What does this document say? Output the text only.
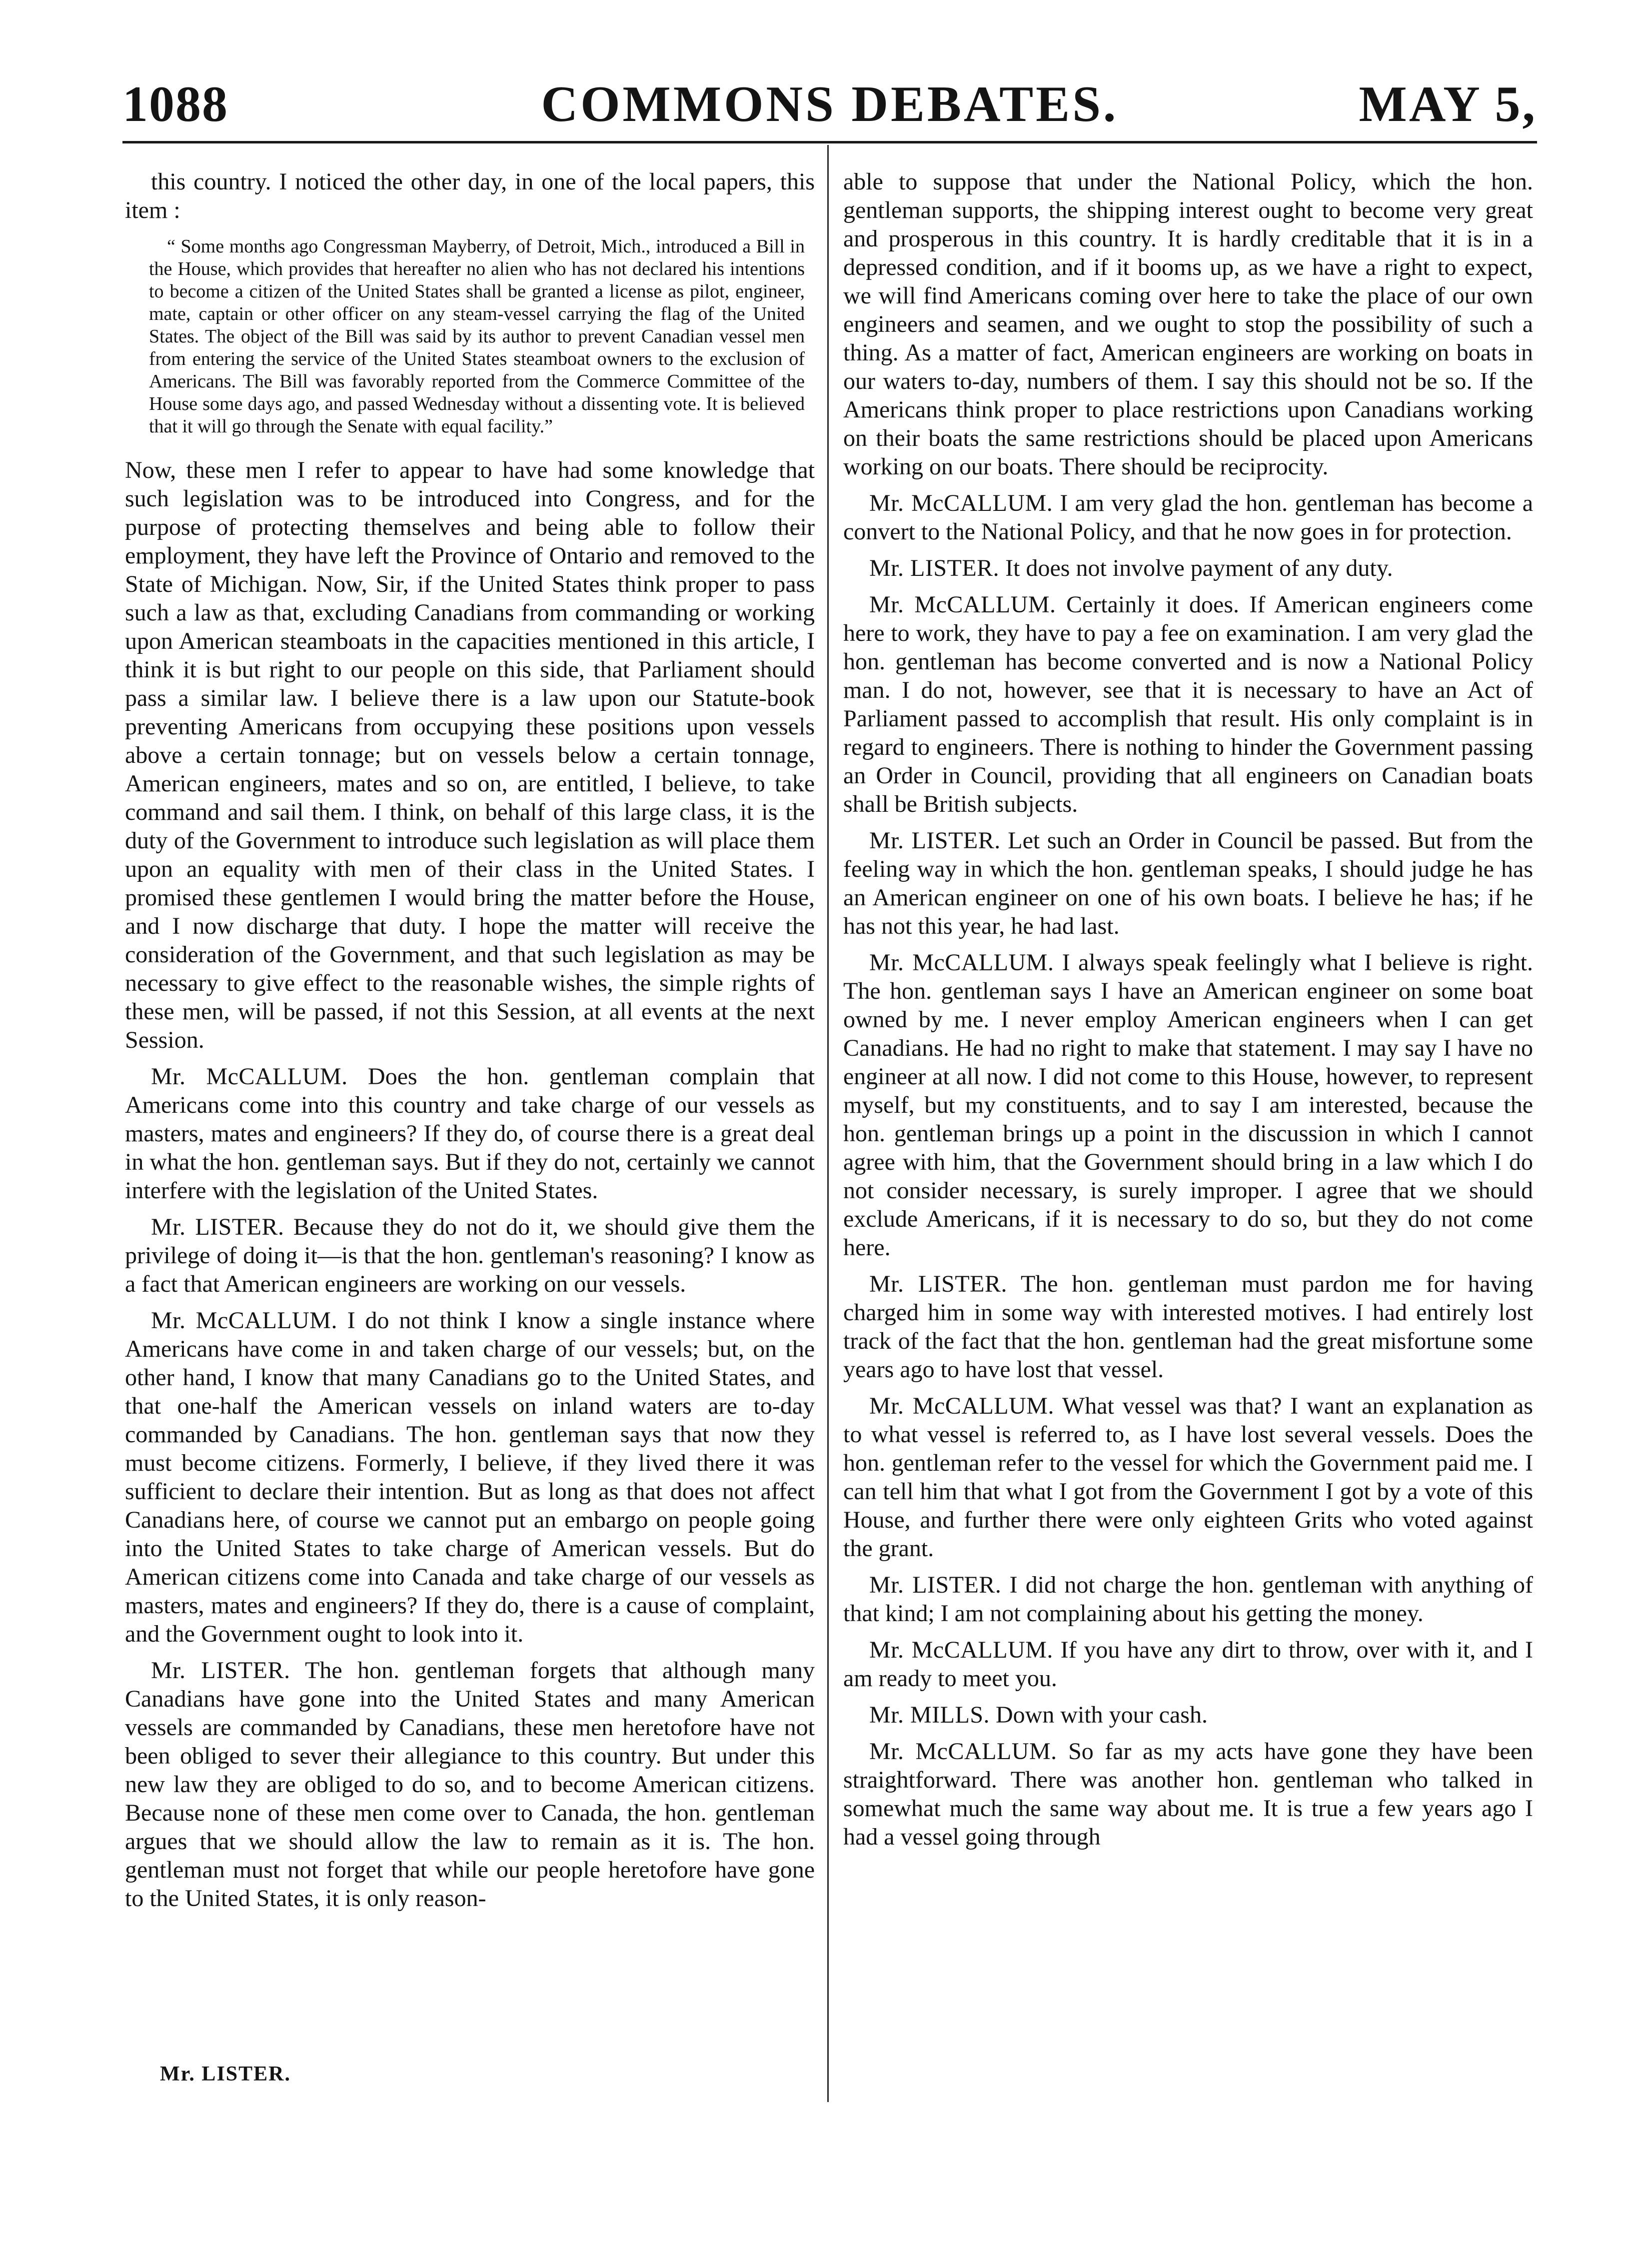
COMMONS DEBATES.
1088	MAY 5,

this country. I noticed the other day, in one of the local papers, this item :

“ Some months ago Congressman Mayberry, of Detroit, Mich., introduced a Bill in the House, which provides that hereafter no alien who has not declared his intentions to become a citizen of the United States shall be granted a license as pilot, engineer, mate, captain or other officer on any steam-vessel carrying the flag of the United States. The object of the Bill was said by its author to prevent Canadian vessel men from entering the service of the United States steamboat owners to the exclusion of Americans. The Bill was favorably reported from the Commerce Committee of the House some days ago, and passed Wednesday without a dissenting vote. It is believed that it will go through the Senate with equal facility.”

Now, these men I refer to appear to have had some knowledge that such legislation was to be introduced into Congress, and for the purpose of protecting themselves and being able to follow their employment, they have left the Province of Ontario and removed to the State of Michigan. Now, Sir, if the United States think proper to pass such a law as that, excluding Canadians from commanding or working upon American steamboats in the capacities mentioned in this article, I think it is but right to our people on this side, that Parliament should pass a similar law. I believe there is a law upon our Statute-book preventing Americans from occupying these positions upon vessels above a certain tonnage; but on vessels below a certain tonnage, American engineers, mates and so on, are entitled, I believe, to take command and sail them. I think, on behalf of this large class, it is the duty of the Government to introduce such legislation as will place them upon an equality with men of their class in the United States. I promised these gentlemen I would bring the matter before the House, and I now discharge that duty. I hope the matter will receive the consideration of the Government, and that such legislation as may be necessary to give effect to the reasonable wishes, the simple rights of these men, will be passed, if not this Session, at all events at the next Session.

Mr. McCALLUM. Does the hon. gentleman complain that Americans come into this country and take charge of our vessels as masters, mates and engineers? If they do, of course there is a great deal in what the hon. gentleman says. But if they do not, certainly we cannot interfere with the legislation of the United States.

Mr. LISTER. Because they do not do it, we should give them the privilege of doing it—is that the hon. gentleman's reasoning? I know as a fact that American engineers are working on our vessels.

Mr. McCALLUM. I do not think I know a single instance where Americans have come in and taken charge of our vessels; but, on the other hand, I know that many Canadians go to the United States, and that one-half the American vessels on inland waters are to-day commanded by Canadians. The hon. gentleman says that now they must become citizens. Formerly, I believe, if they lived there it was sufficient to declare their intention. But as long as that does not affect Canadians here, of course we cannot put an embargo on people going into the United States to take charge of American vessels. But do American citizens come into Canada and take charge of our vessels as masters, mates and engineers? If they do, there is a cause of complaint, and the Government ought to look into it.

Mr. LISTER. The hon. gentleman forgets that although many Canadians have gone into the United States and many American vessels are commanded by Canadians, these men heretofore have not been obliged to sever their allegiance to this country. But under this new law they are obliged to do so, and to become American citizens. Because none of these men come over to Canada, the hon. gentleman argues that we should allow the law to remain as it is. The hon. gentleman must not forget that while our people heretofore have gone to the United States, it is only reason-

able to suppose that under the National Policy, which the hon. gentleman supports, the shipping interest ought to become very great and prosperous in this country. It is hardly creditable that it is in a depressed condition, and if it booms up, as we have a right to expect, we will find Americans coming over here to take the place of our own engineers and seamen, and we ought to stop the possibility of such a thing. As a matter of fact, American engineers are working on boats in our waters to-day, numbers of them. I say this should not be so. If the Americans think proper to place restrictions upon Canadians working on their boats the same restrictions should be placed upon Americans working on our boats. There should be reciprocity.

Mr. McCALLUM. I am very glad the hon. gentleman has become a convert to the National Policy, and that he now goes in for protection.

Mr. LISTER. It does not involve payment of any duty.

Mr. McCALLUM. Certainly it does. If American engineers come here to work, they have to pay a fee on examination. I am very glad the hon. gentleman has become converted and is now a National Policy man. I do not, however, see that it is necessary to have an Act of Parliament passed to accomplish that result. His only complaint is in regard to engineers. There is nothing to hinder the Government passing an Order in Council, providing that all engineers on Canadian boats shall be British subjects.

Mr. LISTER. Let such an Order in Council be passed. But from the feeling way in which the hon. gentleman speaks, I should judge he has an American engineer on one of his own boats. I believe he has; if he has not this year, he had last.

Mr. McCALLUM. I always speak feelingly what I believe is right. The hon. gentleman says I have an American engineer on some boat owned by me. I never employ American engineers when I can get Canadians. He had no right to make that statement. I may say I have no engineer at all now. I did not come to this House, however, to represent myself, but my constituents, and to say I am interested, because the hon. gentleman brings up a point in the discussion in which I cannot agree with him, that the Government should bring in a law which I do not consider necessary, is surely improper. I agree that we should exclude Americans, if it is necessary to do so, but they do not come here.

Mr. LISTER. The hon. gentleman must pardon me for having charged him in some way with interested motives. I had entirely lost track of the fact that the hon. gentleman had the great misfortune some years ago to have lost that vessel.

Mr. McCALLUM. What vessel was that? I want an explanation as to what vessel is referred to, as I have lost several vessels. Does the hon. gentleman refer to the vessel for which the Government paid me. I can tell him that what I got from the Government I got by a vote of this House, and further there were only eighteen Grits who voted against the grant.

Mr. LISTER. I did not charge the hon. gentleman with anything of that kind; I am not complaining about his getting the money.

Mr. McCALLUM. If you have any dirt to throw, over with it, and I am ready to meet you.

Mr. MILLS. Down with your cash.

Mr. McCALLUM. So far as my acts have gone they have been straightforward. There was another hon. gentleman who talked in somewhat much the same way about me. It is true a few years ago I had a vessel going through

Mr. LISTER.
